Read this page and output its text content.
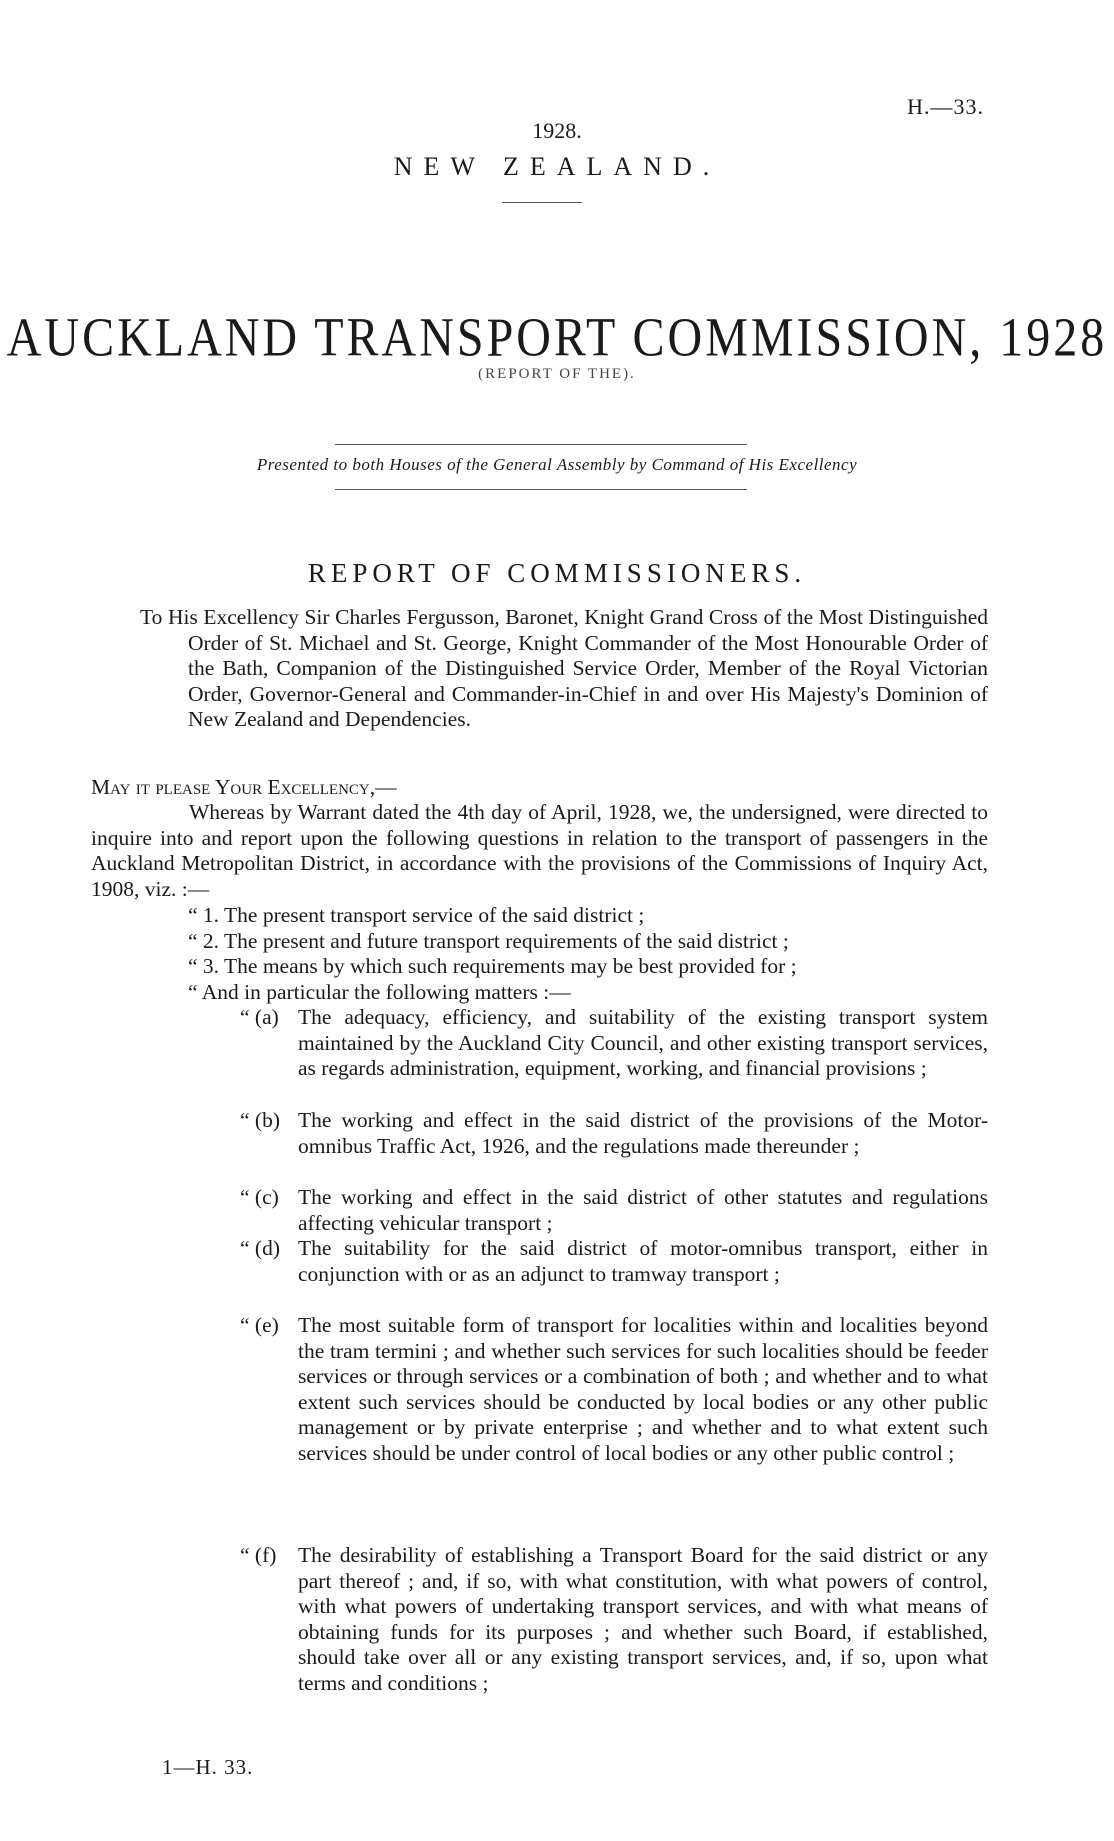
H.—33.
1928.
NEW ZEALAND.
AUCKLAND TRANSPORT COMMISSION, 1928
(REPORT OF THE).
Presented to both Houses of the General Assembly by Command of His Excellency
REPORT OF COMMISSIONERS.

To His Excellency Sir Charles Fergusson, Baronet, Knight Grand Cross of the Most Distinguished Order of St. Michael and St. George, Knight Commander of the Most Honourable Order of the Bath, Companion of the Distinguished Service Order, Member of the Royal Victorian Order, Governor-General and Commander-in-Chief in and over His Majesty's Dominion of New Zealand and Dependencies.

May it please Your Excellency,—

Whereas by Warrant dated the 4th day of April, 1928, we, the undersigned, were directed to inquire into and report upon the following questions in relation to the transport of passengers in the Auckland Metropolitan District, in accordance with the provisions of the Commissions of Inquiry Act, 1908, viz. :—

“ 1. The present transport service of the said district ;
“ 2. The present and future transport requirements of the said district ;
“ 3. The means by which such requirements may be best provided for ;
“ And in particular the following matters :—
“ (a) The adequacy, efficiency, and suitability of the existing transport system maintained by the Auckland City Council, and other existing transport services, as regards administration, equipment, working, and financial provisions ;

“ (b) The working and effect in the said district of the provisions of the Motor-omnibus Traffic Act, 1926, and the regulations made thereunder ;

“ (c) The working and effect in the said district of other statutes and regulations affecting vehicular transport ;

“ (d) The suitability for the said district of motor-omnibus transport, either in conjunction with or as an adjunct to tramway transport ;

“ (e) The most suitable form of transport for localities within and localities beyond the tram termini ; and whether such services for such localities should be feeder services or through services or a combination of both ; and whether and to what extent such services should be conducted by local bodies or any other public management or by private enterprise ; and whether and to what extent such services should be under control of local bodies or any other public control ;

“ (f) The desirability of establishing a Transport Board for the said district or any part thereof ; and, if so, with what constitution, with what powers of control, with what powers of undertaking transport services, and with what means of obtaining funds for its purposes ; and whether such Board, if established, should take over all or any existing transport services, and, if so, upon what terms and conditions ;

1—H. 33.
